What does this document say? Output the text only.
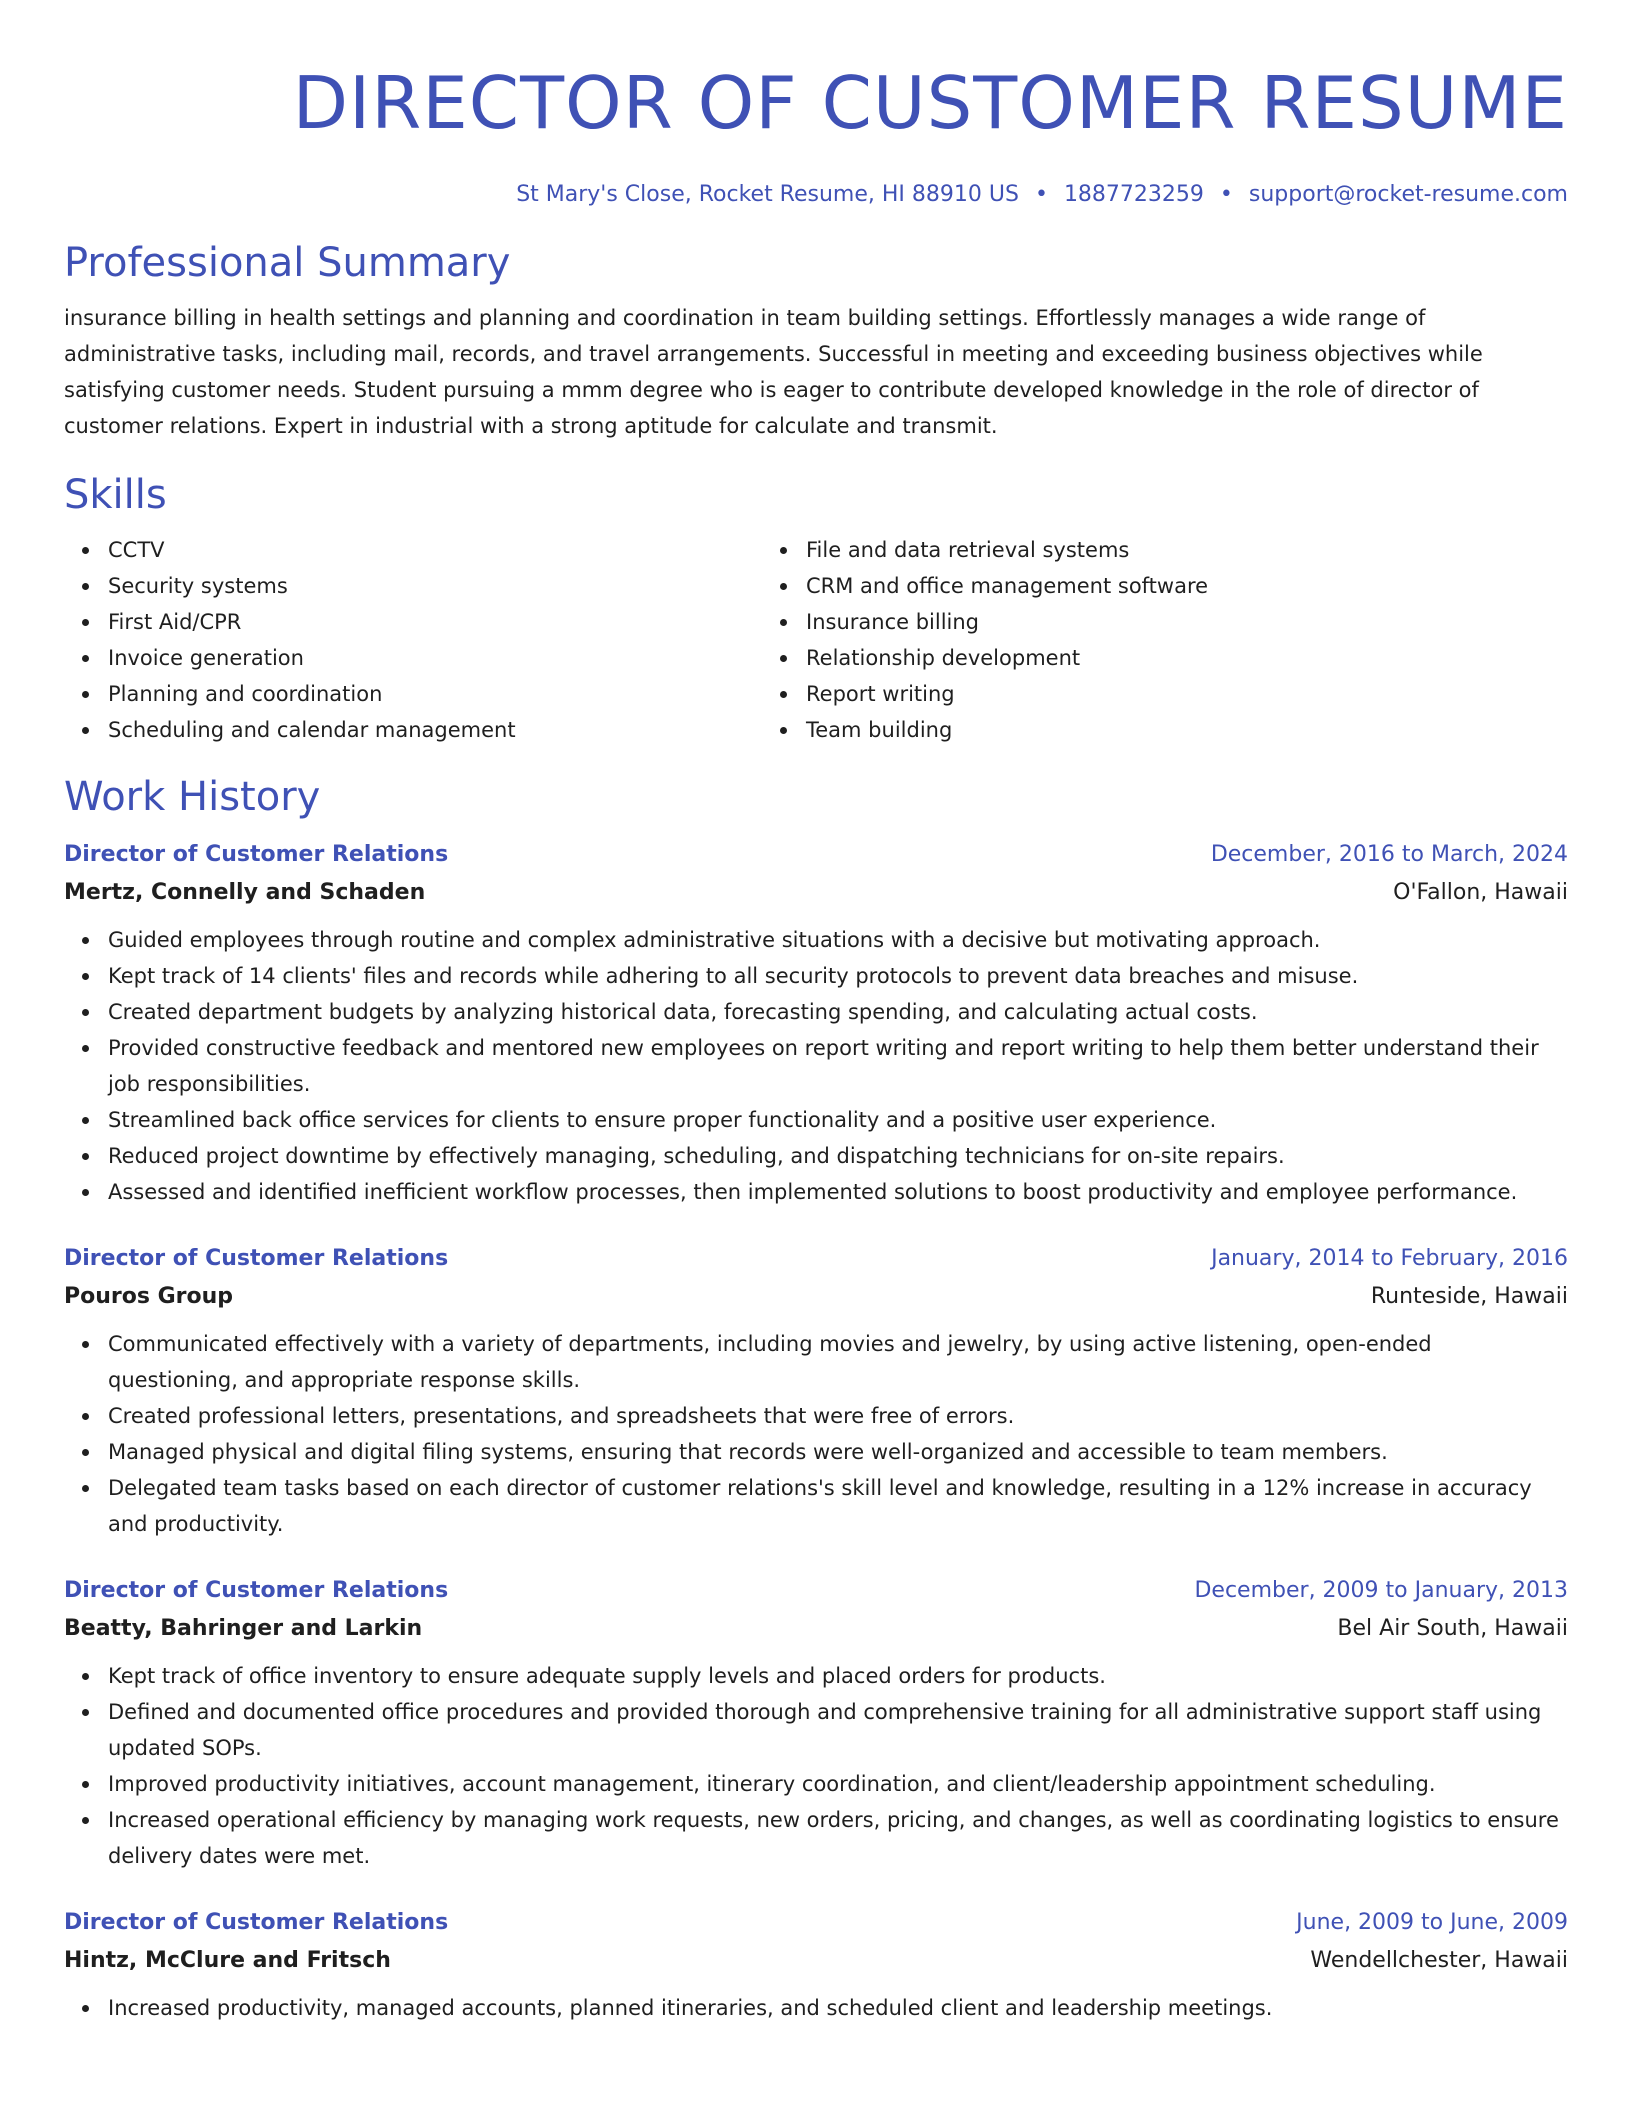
DIRECTOR OF CUSTOMER RESUME
St Mary's Close, Rocket Resume, HI 88910 US • 1887723259 • support@rocket-resume.com
Professional Summary
insurance billing in health settings and planning and coordination in team building settings. Effortlessly manages a wide range of administrative tasks, including mail, records, and travel arrangements. Successful in meeting and exceeding business objectives while satisfying customer needs. Student pursuing a mmm degree who is eager to contribute developed knowledge in the role of director of customer relations. Expert in industrial with a strong aptitude for calculate and transmit.
Skills
CCTV
Security systems
First Aid/CPR
Invoice generation
Planning and coordination
Scheduling and calendar management
File and data retrieval systems
CRM and office management software
Insurance billing
Relationship development
Report writing
Team building
Work History
Director of Customer Relations	December, 2016 to March, 2024
Mertz, Connelly and Schaden	O'Fallon, Hawaii
Guided employees through routine and complex administrative situations with a decisive but motivating approach.
Kept track of 14 clients' files and records while adhering to all security protocols to prevent data breaches and misuse.
Created department budgets by analyzing historical data, forecasting spending, and calculating actual costs.
Provided constructive feedback and mentored new employees on report writing and report writing to help them better understand their job responsibilities.
Streamlined back office services for clients to ensure proper functionality and a positive user experience.
Reduced project downtime by effectively managing, scheduling, and dispatching technicians for on-site repairs.
Assessed and identified inefficient workflow processes, then implemented solutions to boost productivity and employee performance.
Director of Customer Relations	January, 2014 to February, 2016
Pouros Group	Runteside, Hawaii
Communicated effectively with a variety of departments, including movies and jewelry, by using active listening, open-ended questioning, and appropriate response skills.
Created professional letters, presentations, and spreadsheets that were free of errors.
Managed physical and digital filing systems, ensuring that records were well-organized and accessible to team members.
Delegated team tasks based on each director of customer relations's skill level and knowledge, resulting in a 12% increase in accuracy and productivity.
Director of Customer Relations	December, 2009 to January, 2013
Beatty, Bahringer and Larkin	Bel Air South, Hawaii
Kept track of office inventory to ensure adequate supply levels and placed orders for products.
Defined and documented office procedures and provided thorough and comprehensive training for all administrative support staff using updated SOPs.
Improved productivity initiatives, account management, itinerary coordination, and client/leadership appointment scheduling.
Increased operational efficiency by managing work requests, new orders, pricing, and changes, as well as coordinating logistics to ensure delivery dates were met.
Director of Customer Relations	June, 2009 to June, 2009
Hintz, McClure and Fritsch	Wendellchester, Hawaii
Increased productivity, managed accounts, planned itineraries, and scheduled client and leadership meetings.
